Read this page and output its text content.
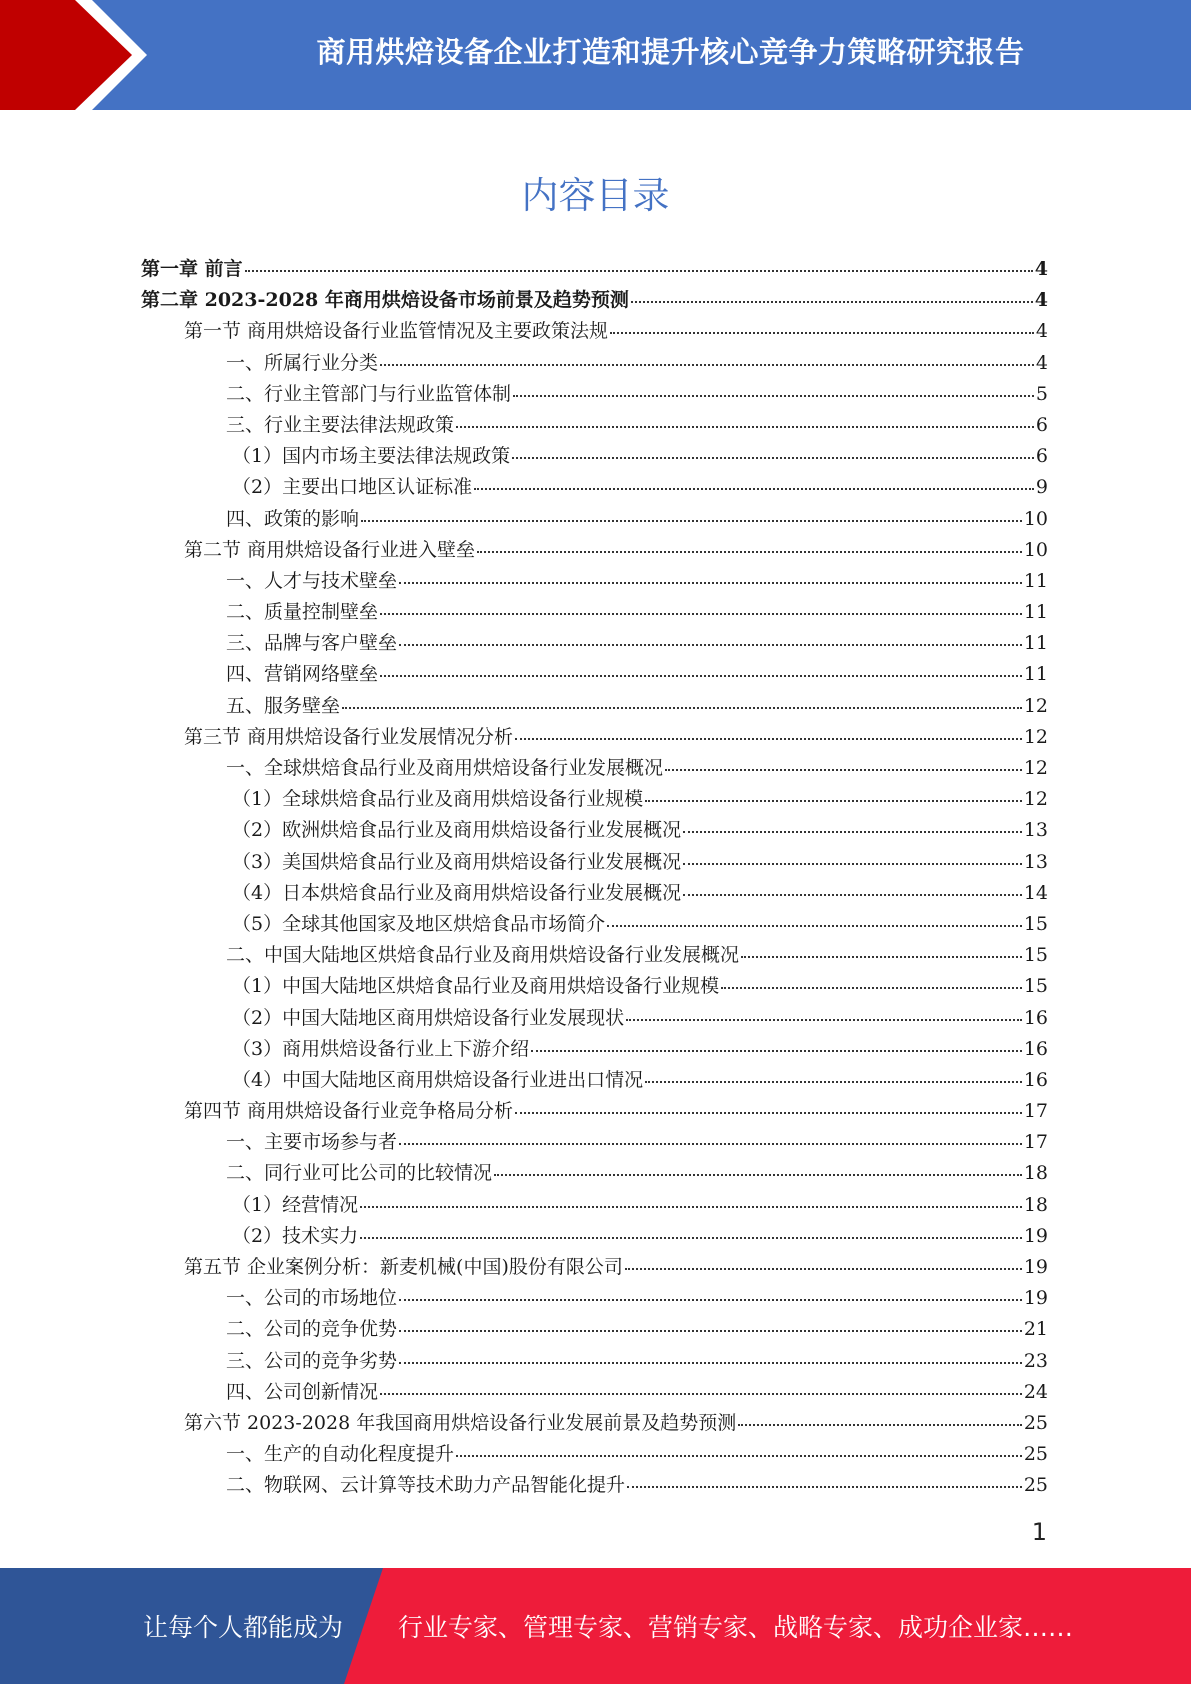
商用烘焙设备企业打造和提升核心竞争力策略研究报告
内容目录
第一章 前言	4
第二章 2023-2028 年商用烘焙设备市场前景及趋势预测	4
第一节 商用烘焙设备行业监管情况及主要政策法规	4
一、所属行业分类	4
二、行业主管部门与行业监管体制	5
三、行业主要法律法规政策	6
（1）国内市场主要法律法规政策	6
（2）主要出口地区认证标准	9
四、政策的影响	10
第二节 商用烘焙设备行业进入壁垒	10
一、人才与技术壁垒	11
二、质量控制壁垒	11
三、品牌与客户壁垒	11
四、营销网络壁垒	11
五、服务壁垒	12
第三节 商用烘焙设备行业发展情况分析	12
一、全球烘焙食品行业及商用烘焙设备行业发展概况	12
（1）全球烘焙食品行业及商用烘焙设备行业规模	12
（2）欧洲烘焙食品行业及商用烘焙设备行业发展概况	13
（3）美国烘焙食品行业及商用烘焙设备行业发展概况	13
（4）日本烘焙食品行业及商用烘焙设备行业发展概况	14
（5）全球其他国家及地区烘焙食品市场简介	15
二、中国大陆地区烘焙食品行业及商用烘焙设备行业发展概况	15
（1）中国大陆地区烘焙食品行业及商用烘焙设备行业规模	15
（2）中国大陆地区商用烘焙设备行业发展现状	16
（3）商用烘焙设备行业上下游介绍	16
（4）中国大陆地区商用烘焙设备行业进出口情况	16
第四节 商用烘焙设备行业竞争格局分析	17
一、主要市场参与者	17
二、同行业可比公司的比较情况	18
（1）经营情况	18
（2）技术实力	19
第五节 企业案例分析：新麦机械(中国)股份有限公司	19
一、公司的市场地位	19
二、公司的竞争优势	21
三、公司的竞争劣势	23
四、公司创新情况	24
第六节 2023-2028 年我国商用烘焙设备行业发展前景及趋势预测	25
一、生产的自动化程度提升	25
二、物联网、云计算等技术助力产品智能化提升	25
1
让每个人都能成为 行业专家、管理专家、营销专家、战略专家、成功企业家……
